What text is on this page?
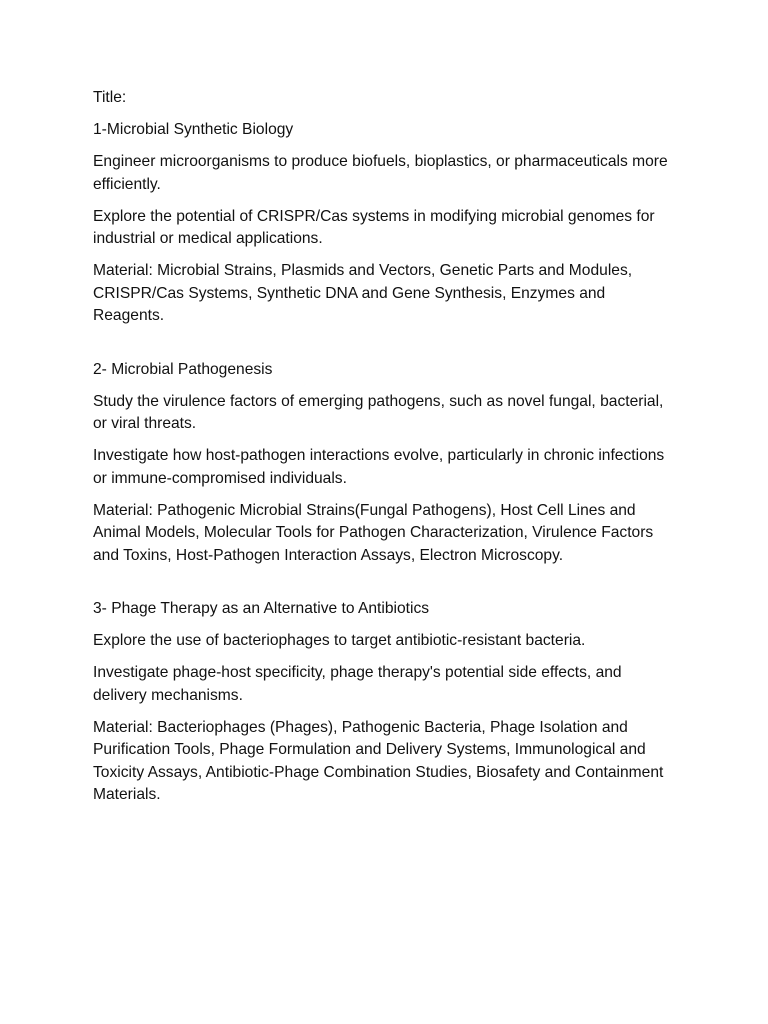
Title:

1-Microbial Synthetic Biology

Engineer microorganisms to produce biofuels, bioplastics, or pharmaceuticals more efficiently.

Explore the potential of CRISPR/Cas systems in modifying microbial genomes for industrial or medical applications.

Material: Microbial Strains, Plasmids and Vectors, Genetic Parts and Modules, CRISPR/Cas Systems, Synthetic DNA and Gene Synthesis, Enzymes and Reagents.

2- Microbial Pathogenesis

Study the virulence factors of emerging pathogens, such as novel fungal, bacterial, or viral threats.

Investigate how host-pathogen interactions evolve, particularly in chronic infections or immune-compromised individuals.

Material: Pathogenic Microbial Strains(Fungal Pathogens), Host Cell Lines and Animal Models, Molecular Tools for Pathogen Characterization, Virulence Factors and Toxins, Host-Pathogen Interaction Assays, Electron Microscopy.

3- Phage Therapy as an Alternative to Antibiotics

Explore the use of bacteriophages to target antibiotic-resistant bacteria.

Investigate phage-host specificity, phage therapy's potential side effects, and delivery mechanisms.

Material: Bacteriophages (Phages), Pathogenic Bacteria, Phage Isolation and Purification Tools, Phage Formulation and Delivery Systems, Immunological and Toxicity Assays, Antibiotic-Phage Combination Studies, Biosafety and Containment Materials.
